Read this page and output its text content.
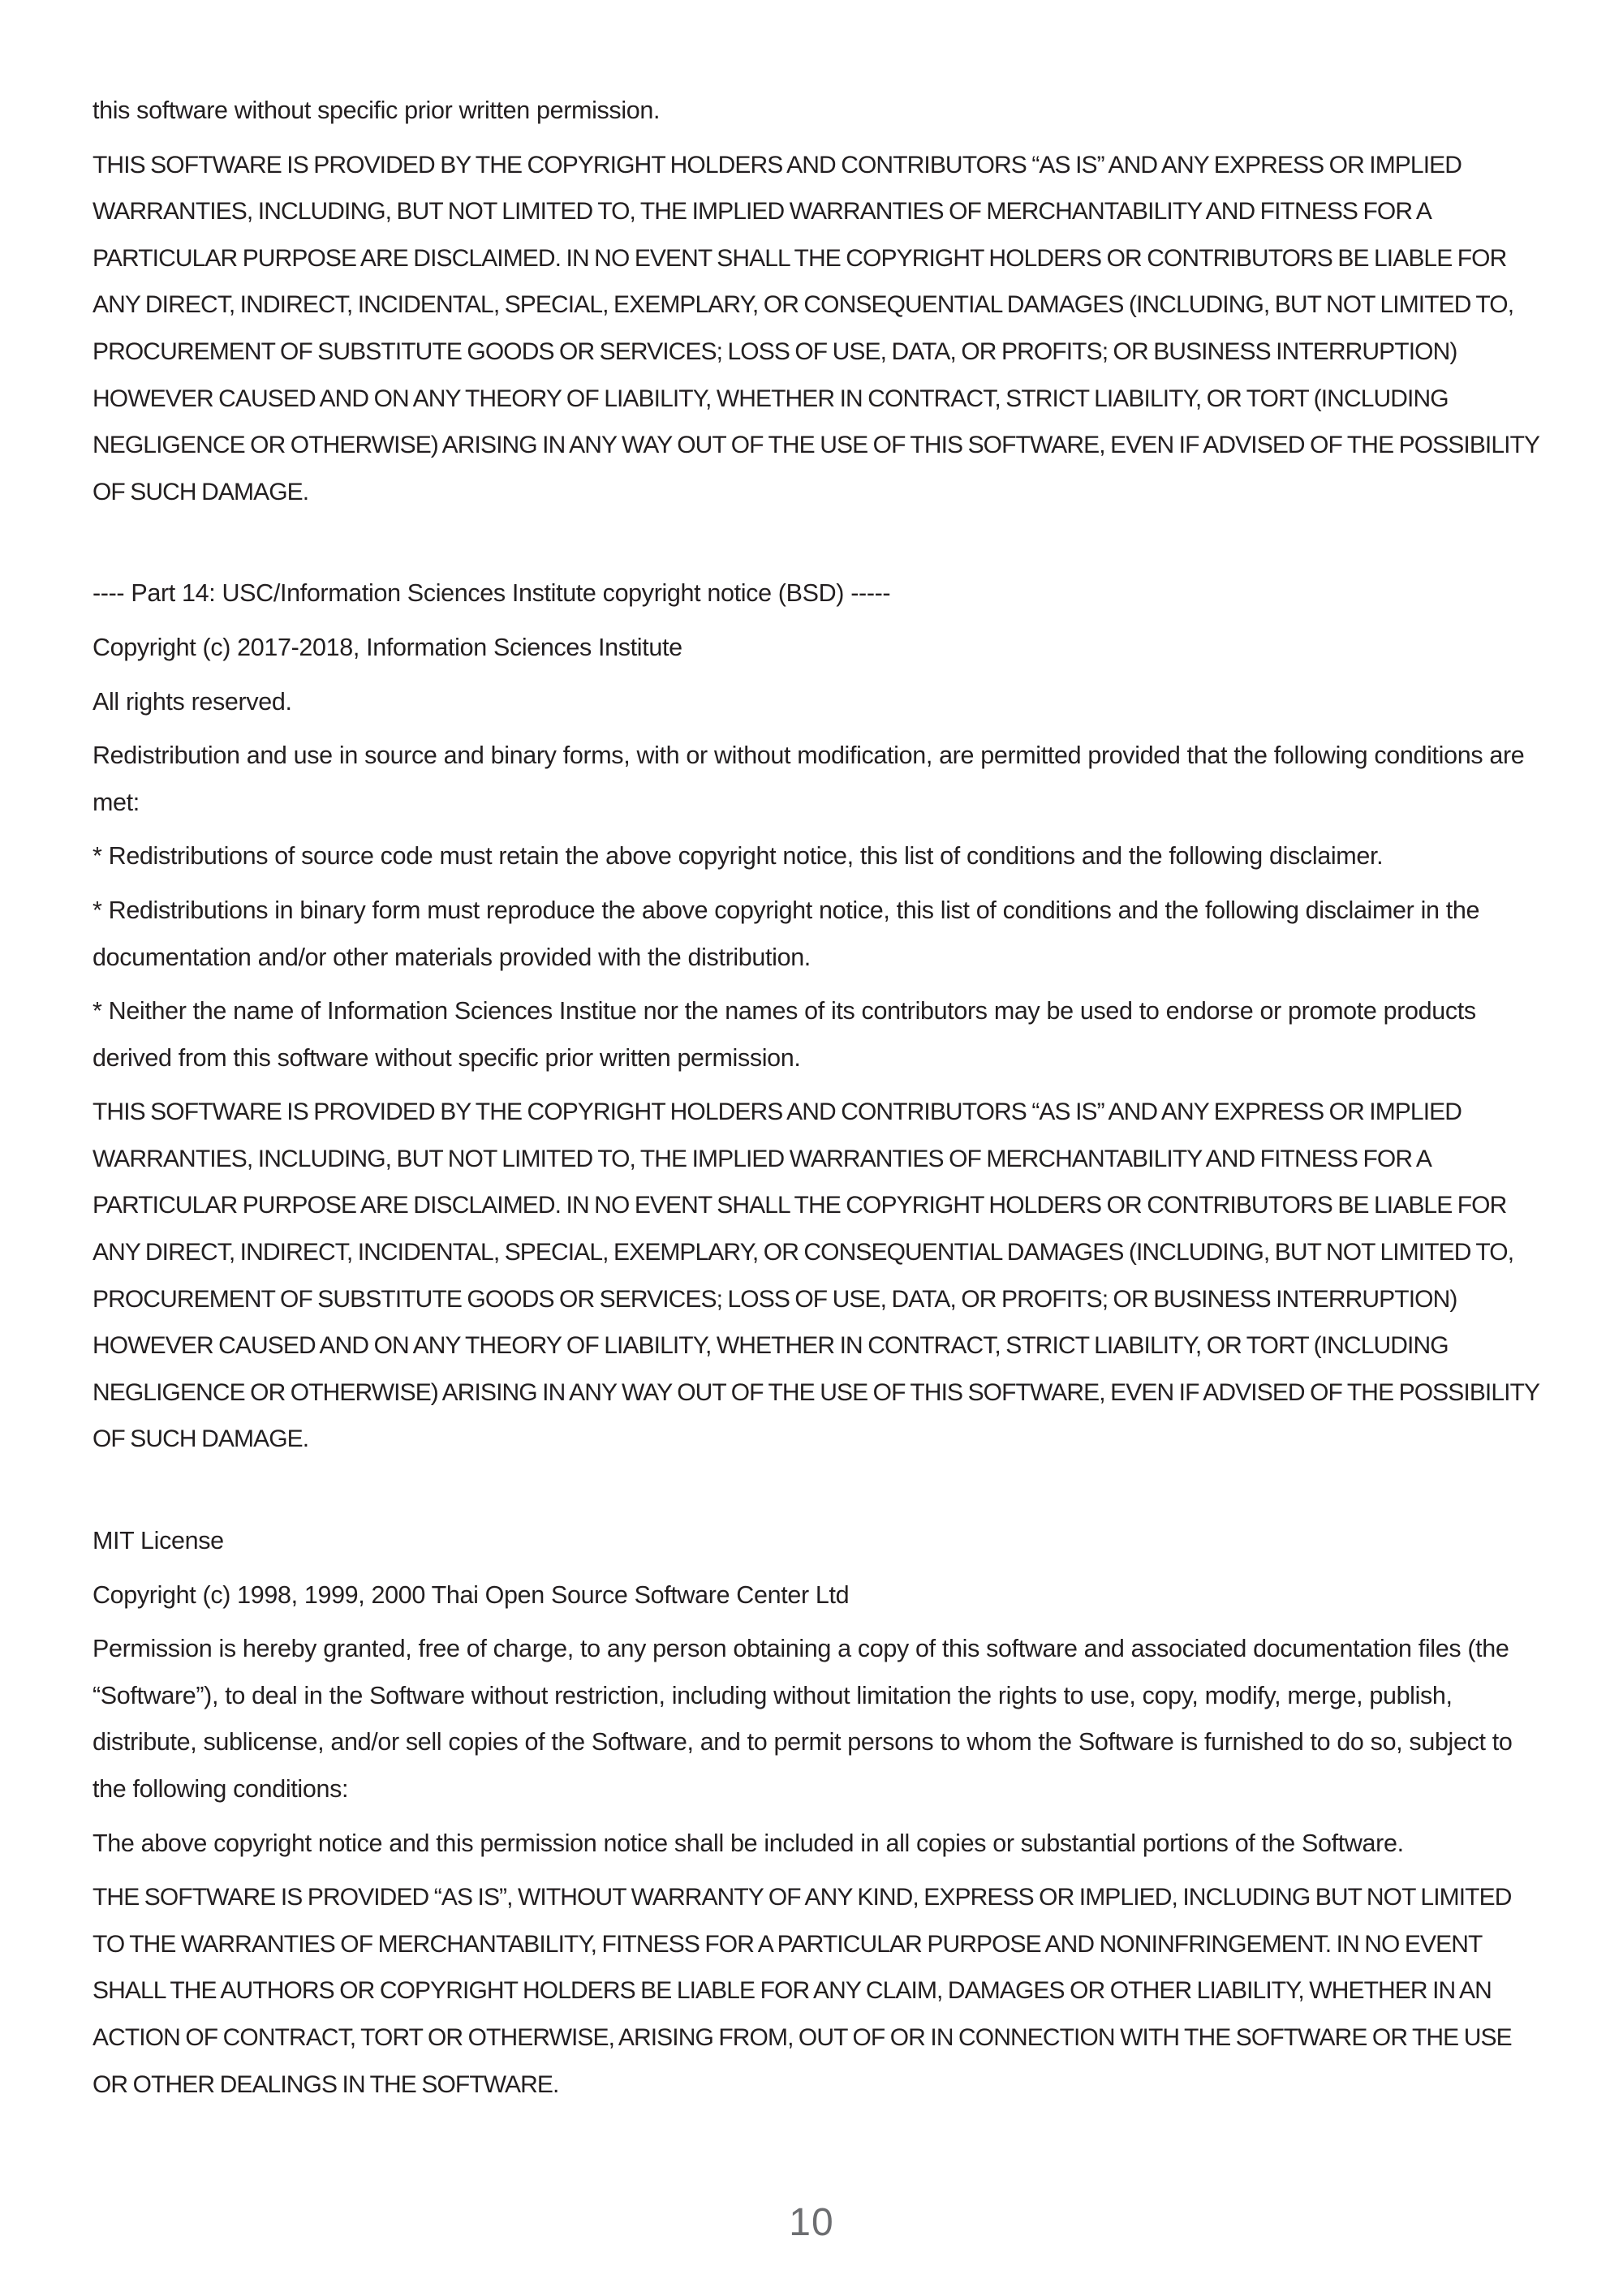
this software without specific prior written permission.

THIS SOFTWARE IS PROVIDED BY THE COPYRIGHT HOLDERS AND CONTRIBUTORS “AS IS” AND ANY EXPRESS OR IMPLIED WARRANTIES, INCLUDING, BUT NOT LIMITED TO, THE IMPLIED WARRANTIES OF MERCHANTABILITY AND FITNESS FOR A PARTICULAR PURPOSE ARE DISCLAIMED. IN NO EVENT SHALL THE COPYRIGHT HOLDERS OR CONTRIBUTORS BE LIABLE FOR ANY DIRECT, INDIRECT, INCIDENTAL, SPECIAL, EXEMPLARY, OR CONSEQUENTIAL DAMAGES (INCLUDING, BUT NOT LIMITED TO, PROCUREMENT OF SUBSTITUTE GOODS OR SERVICES; LOSS OF USE, DATA, OR PROFITS; OR BUSINESS INTERRUPTION) HOWEVER CAUSED AND ON ANY THEORY OF LIABILITY, WHETHER IN CONTRACT, STRICT LIABILITY, OR TORT (INCLUDING NEGLIGENCE OR OTHERWISE) ARISING IN ANY WAY OUT OF THE USE OF THIS SOFTWARE, EVEN IF ADVISED OF THE POSSIBILITY OF SUCH DAMAGE.

---- Part 14: USC/Information Sciences Institute copyright notice (BSD) -----

Copyright (c) 2017-2018, Information Sciences Institute

All rights reserved.

Redistribution and use in source and binary forms, with or without modification, are permitted provided that the following conditions are met:

* Redistributions of source code must retain the above copyright notice, this list of conditions and the following disclaimer.

* Redistributions in binary form must reproduce the above copyright notice, this list of conditions and the following disclaimer in the documentation and/or other materials provided with the distribution.

* Neither the name of Information Sciences Institue nor the names of its contributors may be used to endorse or promote products derived from this software without specific prior written permission.

THIS SOFTWARE IS PROVIDED BY THE COPYRIGHT HOLDERS AND CONTRIBUTORS “AS IS” AND ANY EXPRESS OR IMPLIED WARRANTIES, INCLUDING, BUT NOT LIMITED TO, THE IMPLIED WARRANTIES OF MERCHANTABILITY AND FITNESS FOR A PARTICULAR PURPOSE ARE DISCLAIMED. IN NO EVENT SHALL THE COPYRIGHT HOLDERS OR CONTRIBUTORS BE LIABLE FOR ANY DIRECT, INDIRECT, INCIDENTAL, SPECIAL, EXEMPLARY, OR CONSEQUENTIAL DAMAGES (INCLUDING, BUT NOT LIMITED TO, PROCUREMENT OF SUBSTITUTE GOODS OR SERVICES; LOSS OF USE, DATA, OR PROFITS; OR BUSINESS INTERRUPTION) HOWEVER CAUSED AND ON ANY THEORY OF LIABILITY, WHETHER IN CONTRACT, STRICT LIABILITY, OR TORT (INCLUDING NEGLIGENCE OR OTHERWISE) ARISING IN ANY WAY OUT OF THE USE OF THIS SOFTWARE, EVEN IF ADVISED OF THE POSSIBILITY OF SUCH DAMAGE.

MIT License

Copyright (c) 1998, 1999, 2000 Thai Open Source Software Center Ltd

Permission is hereby granted, free of charge, to any person obtaining a copy of this software and associated documentation files (the “Software”), to deal in the Software without restriction, including without limitation the rights to use, copy, modify, merge, publish, distribute, sublicense, and/or sell copies of the Software, and to permit persons to whom the Software is furnished to do so, subject to the following conditions:

The above copyright notice and this permission notice shall be included in all copies or substantial portions of the Software.

THE SOFTWARE IS PROVIDED “AS IS”, WITHOUT WARRANTY OF ANY KIND, EXPRESS OR IMPLIED, INCLUDING BUT NOT LIMITED TO THE WARRANTIES OF MERCHANTABILITY, FITNESS FOR A PARTICULAR PURPOSE AND NONINFRINGEMENT. IN NO EVENT SHALL THE AUTHORS OR COPYRIGHT HOLDERS BE LIABLE FOR ANY CLAIM, DAMAGES OR OTHER LIABILITY, WHETHER IN AN ACTION OF CONTRACT, TORT OR OTHERWISE, ARISING FROM, OUT OF OR IN CONNECTION WITH THE SOFTWARE OR THE USE OR OTHER DEALINGS IN THE SOFTWARE.

10
